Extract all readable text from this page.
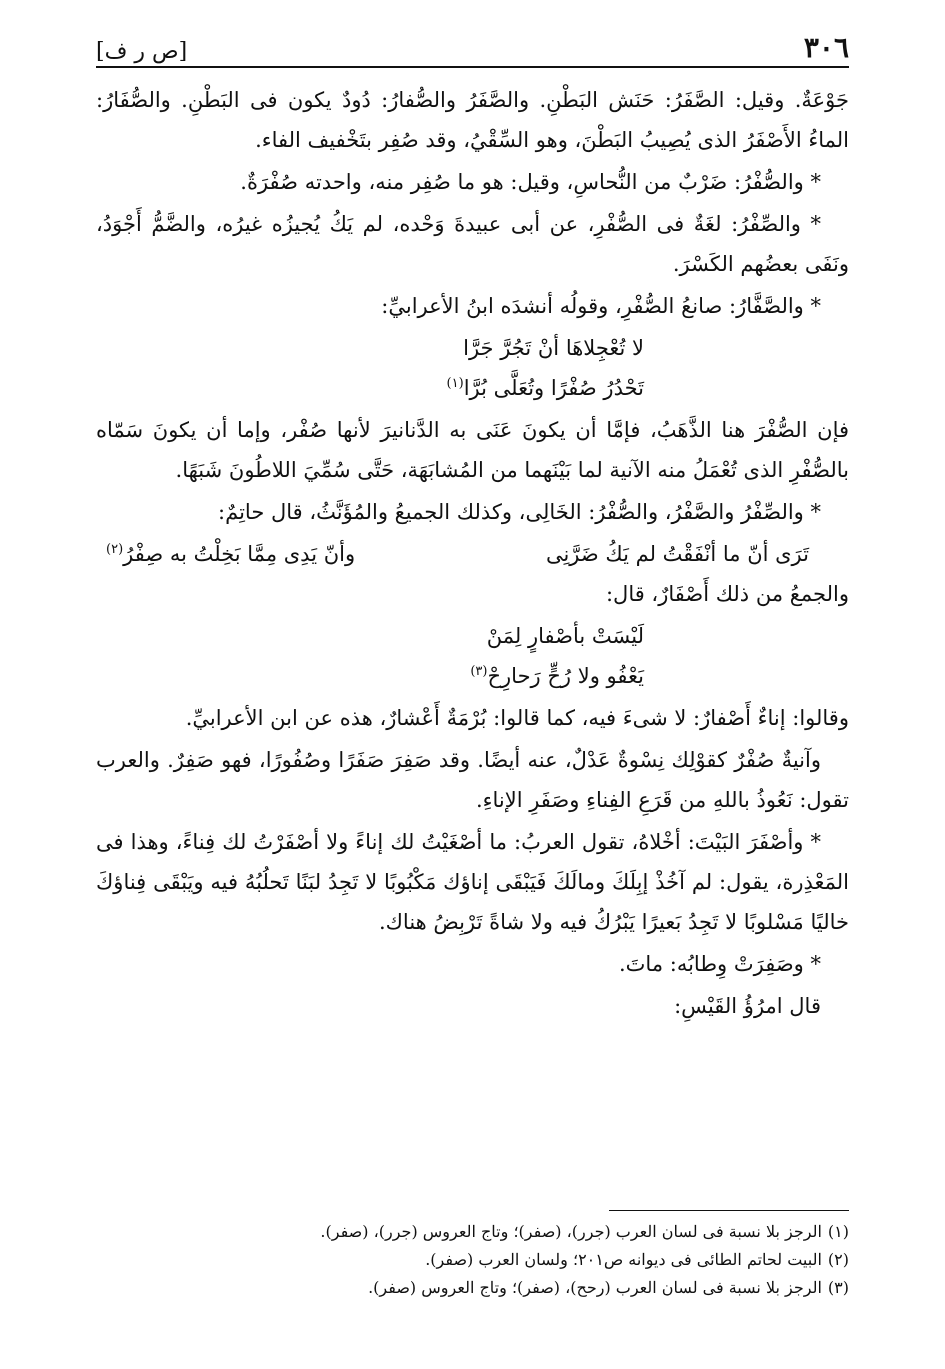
٣٠٦
[ص ر ف]

جَوْعَةٌ. وقيل: الصَّفَرُ: حَنَش البَطْنِ. والصَّفَرُ والصُّفارُ: دُودٌ يكون فى البَطْنِ. والصُّفَارُ: الماءُ الأَصْفَرُ الذى يُصِيبُ البَطْنَ، وهو السِّقْيُ، وقد صُفِر بتَخْفيف الفاء.

* والصُّفْرُ: ضَرْبٌ من النُّحاسِ، وقيل: هو ما صُفِر منه، واحدته صُفْرَةٌ.

* والصِّفْرُ: لغَةٌ فى الصُّفْرِ، عن أبى عبيدةَ وَحْده، لم يَكُ يُجيزُه غيرُه، والضَّمُّ أَجْوَدُ، ونَفَى بعضُهم الكَسْرَ.

* والصَّفَّارُ: صانعُ الصُّفْرِ، وقولُه أنشدَه ابنُ الأعرابيِّ:

لا تُعْجِلاهَا أنْ تَجُرَّ جَرَّا

تَحْدُرُ صُفْرًا وتُعَلَّى بُرَّا$^{(١)}$

فإن الصُّفْرَ هنا الذَّهَبُ، فإمَّا أن يكونَ عَنَى به الدَّنانيرَ لأنها صُفْر، وإما أن يكونَ سَمّاه بالصُّفْرِ الذى تُعْمَلُ منه الآنية لما بَيْنَهما من المُشابَهَة، حَتَّى سُمِّيَ اللاطُونَ شَبَهًا.

* والصِّفْرُ والصَّفْرُ، والصُّفْرُ: الخَالِى، وكذلك الجميعُ والمُؤَنَّثُ، قال حاتِمٌ:

تَرَى أنّ ما أنْفَقْتُ لم يَكُ ضَرَّنِى
وأنّ يَدِى مِمَّا بَخِلْتُ به صِفْرُ$^{(٢)}$

والجمعُ من ذلك أَصْفَارٌ، قال:

لَيْسَتْ بأصْفارٍ لِمَنْ

يَعْفُو ولا رُحٍّ رَحارِحْ$^{(٣)}$

وقالوا: إناءٌ أَصْفارٌ: لا شىءَ فيه، كما قالوا: بُرْمَةٌ أَعْشارٌ، هذه عن ابن الأعرابيِّ.

وآنيةٌ صُفْرٌ كقوْلِك نِسْوةٌ عَدْلٌ، عنه أيضًا. وقد صَفِرَ صَفَرًا وصُفُورًا، فهو صَفِرٌ. والعرب تقول: نَعُوذُ باللهِ من قَرَعِ الفِناءِ وصَفَرِ الإناءِ.

* وأصْفَرَ البَيْتَ: أخْلاهُ، تقول العربُ: ما أصْغَيْتُ لك إناءً ولا أصْفَرْتُ لك فِناءً، وهذا فى المَعْذِرة، يقول: لم آخُذْ إبِلَكَ ومالَكَ فَيَبْقَى إناؤك مَكْبُوبًا لا تَجِدُ لبَنًا تَحلُبُهُ فيه ويَبْقَى فِناؤكَ خاليًا مَسْلوبًا لا تَجِدُ بَعيرًا يَبْرُكُ فيه ولا شاةً تَرْبِضُ هناك.

* وصَفِرَتْ وِطابُه: ماتَ.

قال امرُؤُ القَيْسِ:

(١)الرجز بلا نسبة فى لسان العرب (جرر)، (صفر)؛ وتاج العروس (جرر)، (صفر).

(٢)البيت لحاتم الطائى فى ديوانه ص٢٠١؛ ولسان العرب (صفر).

(٣)الرجز بلا نسبة فى لسان العرب (رحح)، (صفر)؛ وتاج العروس (صفر).
